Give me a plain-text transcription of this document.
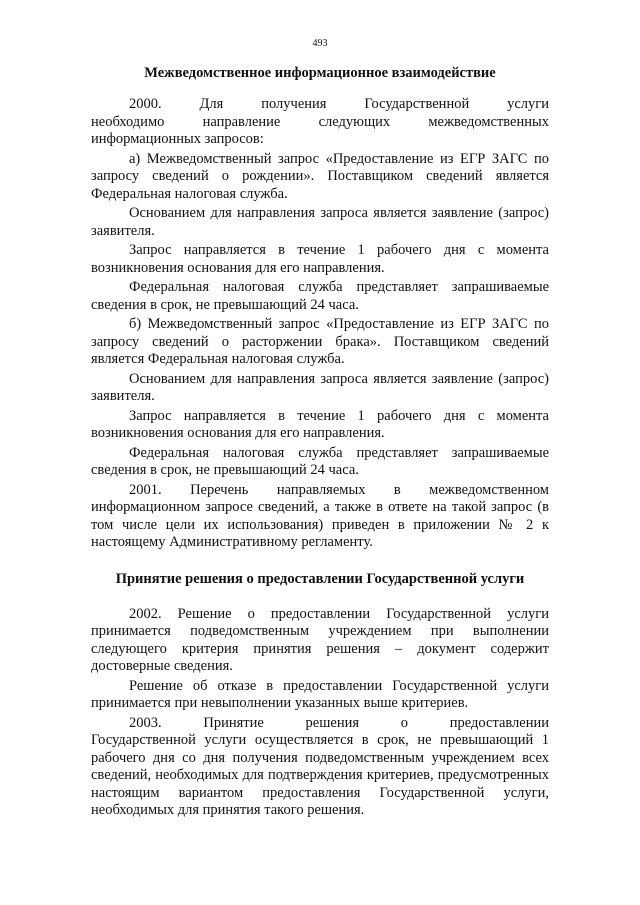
493
Межведомственное информационное взаимодействие

2000. Для получения Государственной услуги

необходимо направление следующих межведомственных информационных запросов:

а) Межведомственный запрос «Предоставление из ЕГР ЗАГС по запросу сведений о рождении». Поставщиком сведений является Федеральная налоговая служба.

Основанием для направления запроса является заявление (запрос) заявителя.

Запрос направляется в течение 1 рабочего дня с момента возникновения основания для его направления.

Федеральная налоговая служба представляет запрашиваемые сведения в срок, не превышающий 24 часа.

б) Межведомственный запрос «Предоставление из ЕГР ЗАГС по запросу сведений о расторжении брака». Поставщиком сведений является Федеральная налоговая служба.

Основанием для направления запроса является заявление (запрос) заявителя.

Запрос направляется в течение 1 рабочего дня с момента возникновения основания для его направления.

Федеральная налоговая служба представляет запрашиваемые сведения в срок, не превышающий 24 часа.

2001. Перечень направляемых в межведомственном

информационном запросе сведений, а также в ответе на такой запрос (в том числе цели их использования) приведен в приложении № 2 к настоящему Административному регламенту.

Принятие решения о предоставлении Государственной услуги

2002. Решение о предоставлении Государственной услуги

принимается подведомственным учреждением при выполнении следующего критерия принятия решения – документ содержит достоверные сведения.

Решение об отказе в предоставлении Государственной услуги принимается при невыполнении указанных выше критериев.

2003. Принятие решения о предоставлении

Государственной услуги осуществляется в срок, не превышающий 1 рабочего дня со дня получения подведомственным учреждением всех сведений, необходимых для подтверждения критериев, предусмотренных настоящим вариантом предоставления Государственной услуги, необходимых для принятия такого решения.
